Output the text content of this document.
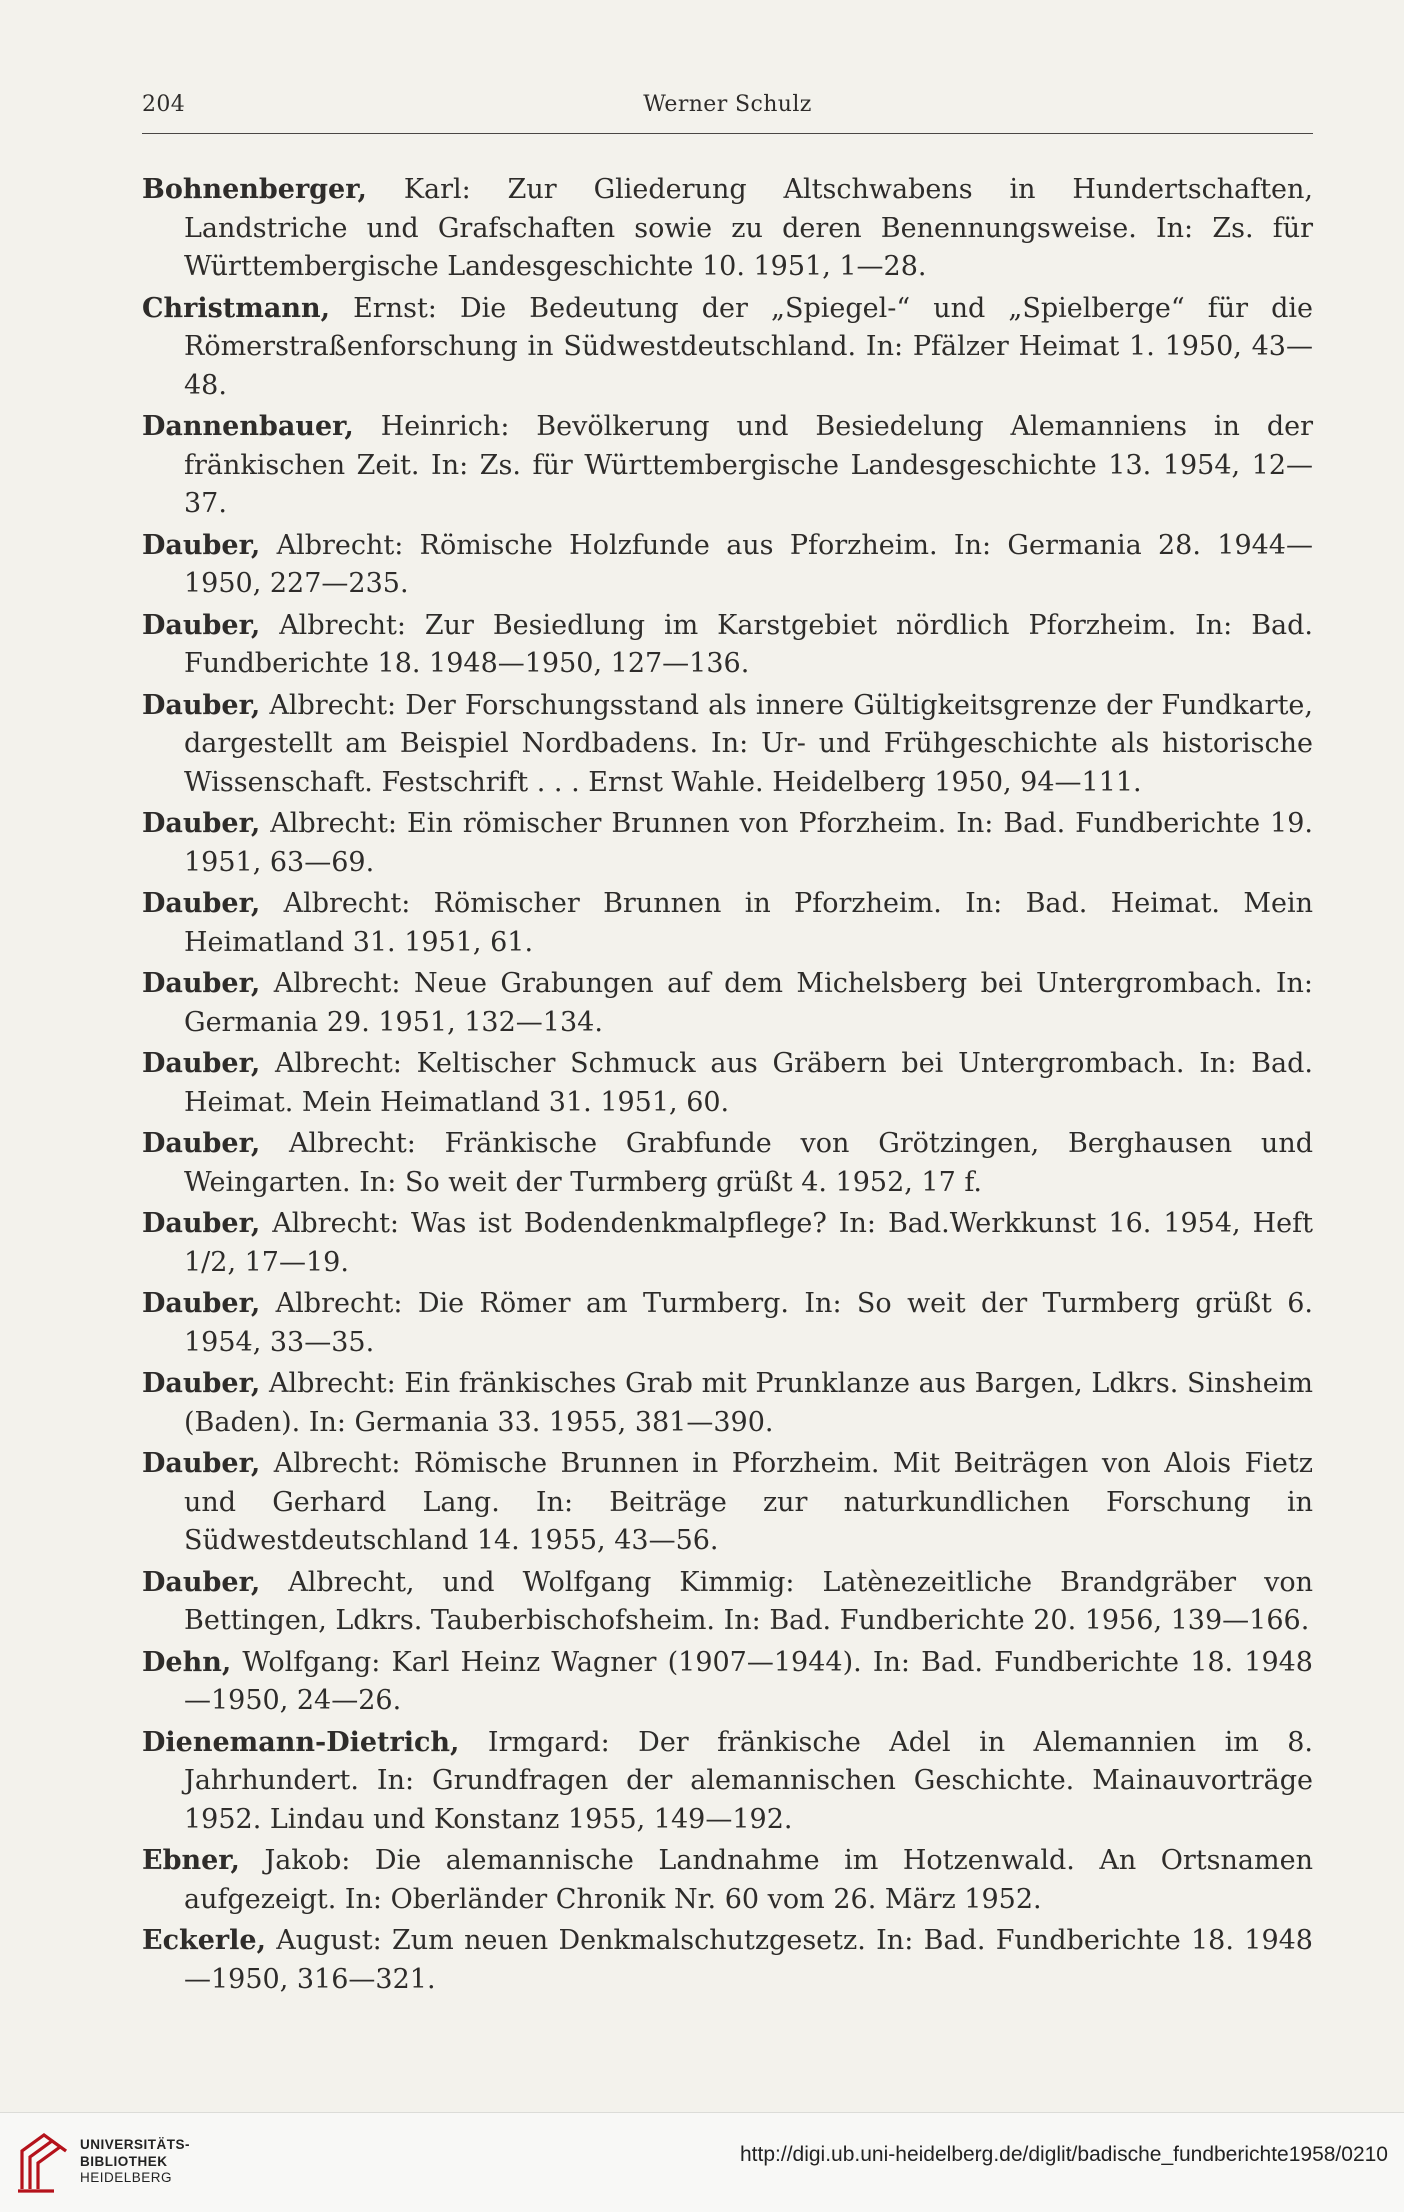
204	Werner Schulz

Bohnenberger, Karl: Zur Gliederung Altschwabens in Hundertschaften, Landstriche und Grafschaften sowie zu deren Benennungsweise. In: Zs. für Württembergische Landesgeschichte 10. 1951, 1—28.

Christmann, Ernst: Die Bedeutung der „Spiegel-“ und „Spielberge“ für die Römerstraßenforschung in Südwestdeutschland. In: Pfälzer Heimat 1. 1950, 43—48.

Dannenbauer, Heinrich: Bevölkerung und Besiedelung Alemanniens in der fränkischen Zeit. In: Zs. für Württembergische Landesgeschichte 13. 1954, 12—37.

Dauber, Albrecht: Römische Holzfunde aus Pforzheim. In: Germania 28. 1944—1950, 227—235.

Dauber, Albrecht: Zur Besiedlung im Karstgebiet nördlich Pforzheim. In: Bad. Fundberichte 18. 1948—1950, 127—136.

Dauber, Albrecht: Der Forschungsstand als innere Gültigkeitsgrenze der Fundkarte, dargestellt am Beispiel Nordbadens. In: Ur- und Frühgeschichte als historische Wissenschaft. Festschrift . . . Ernst Wahle. Heidelberg 1950, 94—111.

Dauber, Albrecht: Ein römischer Brunnen von Pforzheim. In: Bad. Fundberichte 19. 1951, 63—69.

Dauber, Albrecht: Römischer Brunnen in Pforzheim. In: Bad. Heimat. Mein Heimatland 31. 1951, 61.

Dauber, Albrecht: Neue Grabungen auf dem Michelsberg bei Untergrombach. In: Germania 29. 1951, 132—134.

Dauber, Albrecht: Keltischer Schmuck aus Gräbern bei Untergrombach. In: Bad. Heimat. Mein Heimatland 31. 1951, 60.

Dauber, Albrecht: Fränkische Grabfunde von Grötzingen, Berghausen und Weingarten. In: So weit der Turmberg grüßt 4. 1952, 17 f.

Dauber, Albrecht: Was ist Bodendenkmalpflege? In: Bad.Werkkunst 16. 1954, Heft 1/2, 17—19.

Dauber, Albrecht: Die Römer am Turmberg. In: So weit der Turmberg grüßt 6. 1954, 33—35.

Dauber, Albrecht: Ein fränkisches Grab mit Prunklanze aus Bargen, Ldkrs. Sinsheim (Baden). In: Germania 33. 1955, 381—390.

Dauber, Albrecht: Römische Brunnen in Pforzheim. Mit Beiträgen von Alois Fietz und Gerhard Lang. In: Beiträge zur naturkundlichen Forschung in Südwestdeutschland 14. 1955, 43—56.

Dauber, Albrecht, und Wolfgang Kimmig: Latènezeitliche Brandgräber von Bettingen, Ldkrs. Tauberbischofsheim. In: Bad. Fundberichte 20. 1956, 139—166.

Dehn, Wolfgang: Karl Heinz Wagner (1907—1944). In: Bad. Fundberichte 18. 1948—1950, 24—26.

Dienemann-Dietrich, Irmgard: Der fränkische Adel in Alemannien im 8. Jahrhundert. In: Grundfragen der alemannischen Geschichte. Mainauvorträge 1952. Lindau und Konstanz 1955, 149—192.

Ebner, Jakob: Die alemannische Landnahme im Hotzenwald. An Ortsnamen aufgezeigt. In: Oberländer Chronik Nr. 60 vom 26. März 1952.

Eckerle, August: Zum neuen Denkmalschutzgesetz. In: Bad. Fundberichte 18. 1948—1950, 316—321.

UNIVERSITÄTS-
BIBLIOTHEK
HEIDELBERG
http://digi.ub.uni-heidelberg.de/diglit/badische_fundberichte1958/0210
